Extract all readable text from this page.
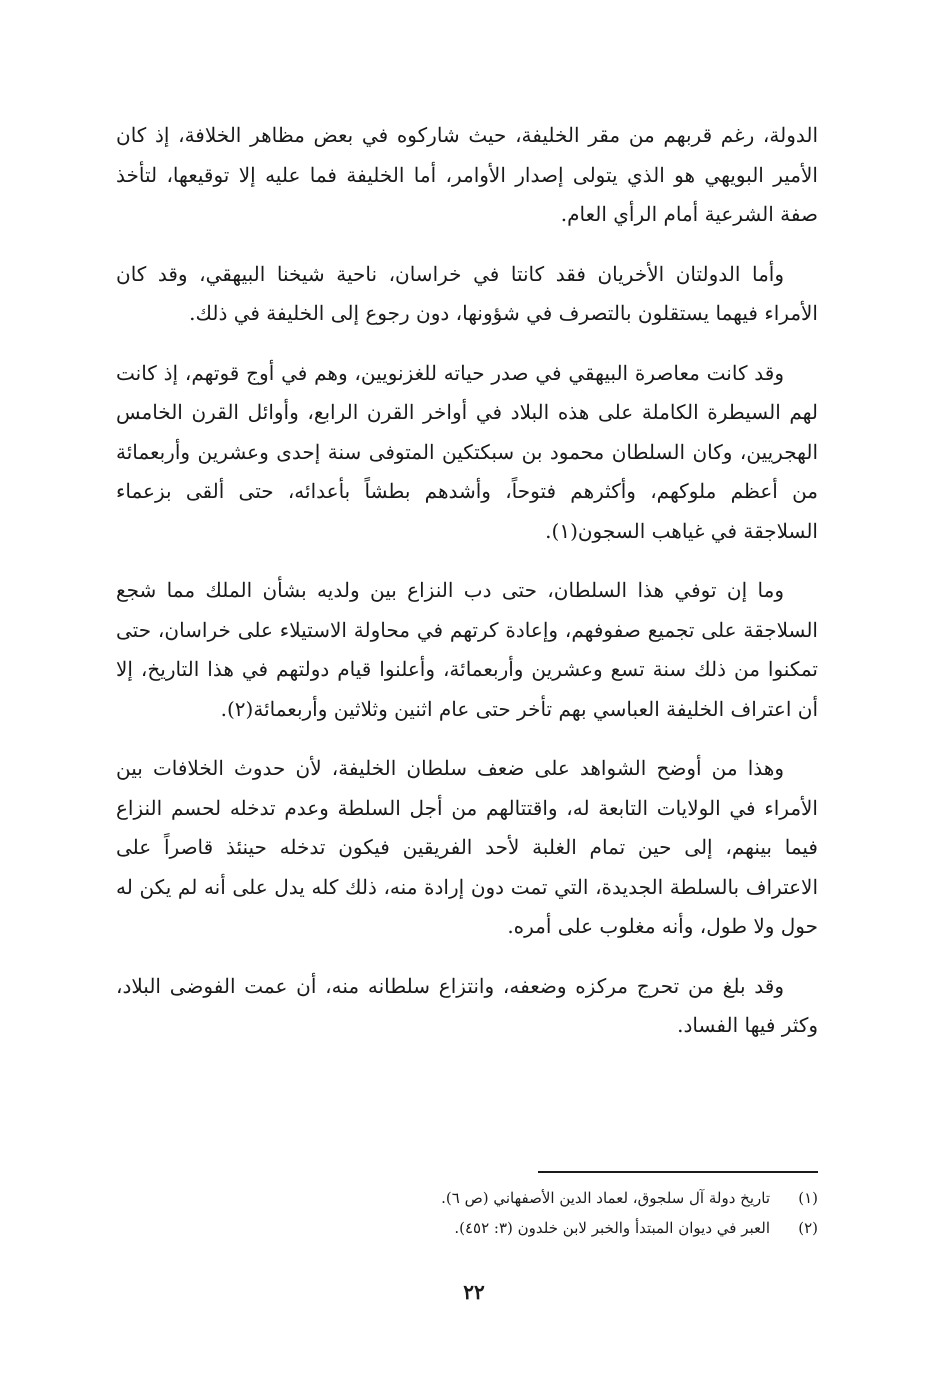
الدولة، رغم قربهم من مقر الخليفة، حيث شاركوه في بعض مظاهر الخلافة، إذ كان الأمير البويهي هو الذي يتولى إصدار الأوامر، أما الخليفة فما عليه إلا توقيعها، لتأخذ صفة الشرعية أمام الرأي العام.

وأما الدولتان الأخريان فقد كانتا في خراسان، ناحية شيخنا البيهقي، وقد كان الأمراء فيهما يستقلون بالتصرف في شؤونها، دون رجوع إلى الخليفة في ذلك.

وقد كانت معاصرة البيهقي في صدر حياته للغزنويين، وهم في أوج قوتهم، إذ كانت لهم السيطرة الكاملة على هذه البلاد في أواخر القرن الرابع، وأوائل القرن الخامس الهجريين، وكان السلطان محمود بن سبكتكين المتوفى سنة إحدى وعشرين وأربعمائة من أعظم ملوكهم، وأكثرهم فتوحاً، وأشدهم بطشاً بأعدائه، حتى ألقى بزعماء السلاجقة في غياهب السجون(١).

وما إن توفي هذا السلطان، حتى دب النزاع بين ولديه بشأن الملك مما شجع السلاجقة على تجميع صفوفهم، وإعادة كرتهم في محاولة الاستيلاء على خراسان، حتى تمكنوا من ذلك سنة تسع وعشرين وأربعمائة، وأعلنوا قيام دولتهم في هذا التاريخ، إلا أن اعتراف الخليفة العباسي بهم تأخر حتى عام اثنين وثلاثين وأربعمائة(٢).

وهذا من أوضح الشواهد على ضعف سلطان الخليفة، لأن حدوث الخلافات بين الأمراء في الولايات التابعة له، واقتتالهم من أجل السلطة وعدم تدخله لحسم النزاع فيما بينهم، إلى حين تمام الغلبة لأحد الفريقين فيكون تدخله حينئذ قاصراً على الاعتراف بالسلطة الجديدة، التي تمت دون إرادة منه، ذلك كله يدل على أنه لم يكن له حول ولا طول، وأنه مغلوب على أمره.

وقد بلغ من تحرج مركزه وضعفه، وانتزاع سلطانه منه، أن عمت الفوضى البلاد، وكثر فيها الفساد.

(١)تاريخ دولة آل سلجوق، لعماد الدين الأصفهاني (ص ٦).
(٢)العبر في ديوان المبتدأ والخبر لابن خلدون (٣: ٤٥٢).
٢٢
